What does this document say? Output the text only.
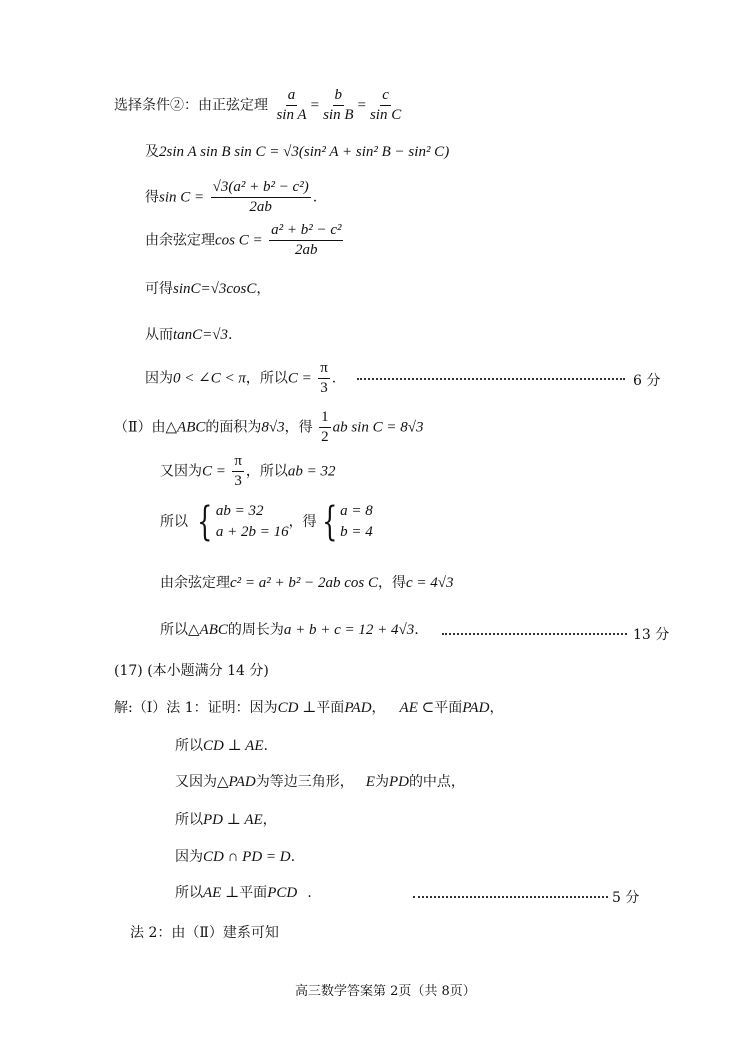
选择条件②：由正弦定理 $\frac{a}{\text{sin A}} = \frac{b}{\text{sin B}} = \frac{c}{\text{sin C}}$
及2sin A sin B sin C = √3(sin² A + sin² B − sin² C)
得$\sin C = \frac{\text{√3(a² + b² − c²)}}{2ab}$ .
由余弦定理$\cos C = \frac{\text{a² + b² − c²}}{2ab}$
可得sinC=√3cosC，
从而tanC=√3.
因为0 < ∠C < π，所以$C = \frac{\pi}{3}$ .	6 分
（Ⅱ）由△ABC的面积为8√3，得 $\frac{1}{2}$ ab sin C = 8√3
又因为$C = \frac{\pi}{3}$ ，所以ab = 32
所以 { ab = 32
a + 2b = 16
，得 { a = 8
b = 4
由余弦定理c² = a² + b² − 2ab cos C，得c = 4√3
所以△ABC的周长为a + b + c = 12 + 4√3.	13 分
(17) (本小题满分 14 分)
解:（Ⅰ）法 1：证明：因为CD ⊥平面PAD， AE ⊂平面PAD，
所以CD ⊥ AE.
又因为△PAD为等边三角形， E为PD的中点，
所以PD ⊥ AE，
因为CD ∩ PD = D.
所以AE ⊥平面PCD .	5 分
法 2：由（Ⅱ）建系可知
高三数学答案第 2页（共 8页）
